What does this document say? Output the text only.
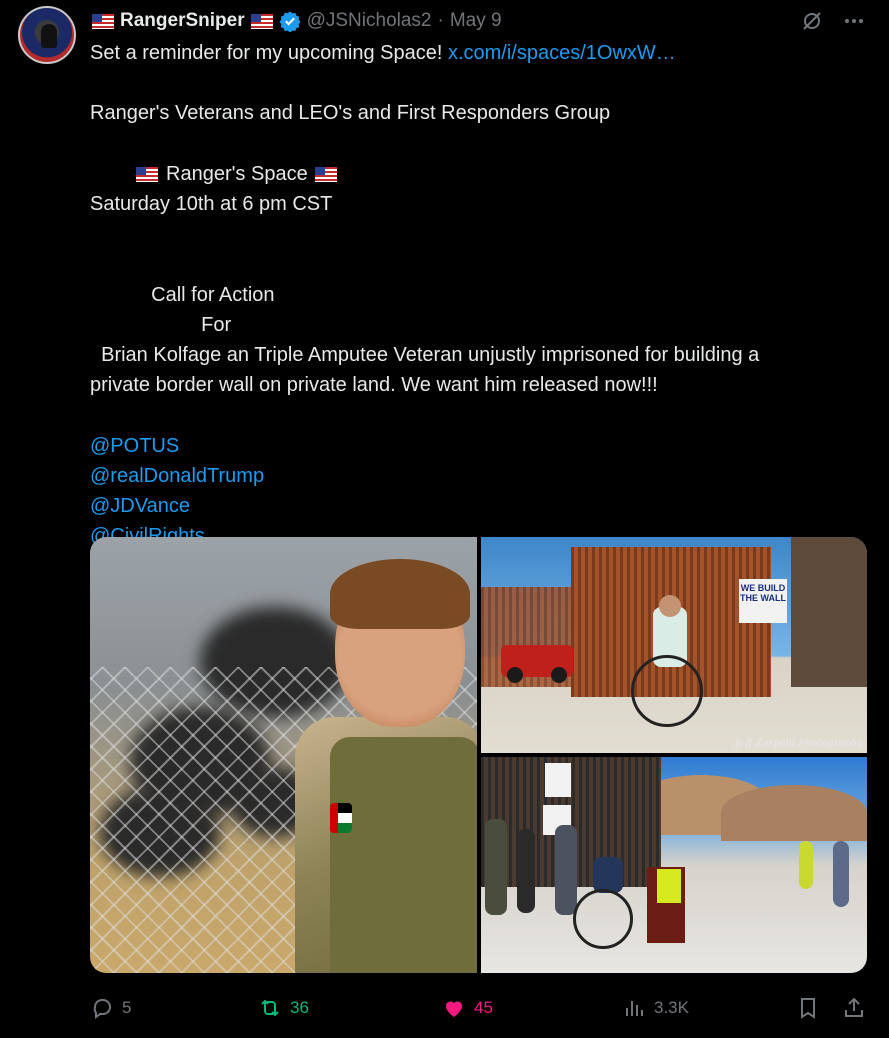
RangerSniper	@JSNicholas2 · May 9
Set a reminder for my upcoming Space! x.com/i/spaces/1OwxW…
Ranger's Veterans and LEO's and First Responders Group
Ranger's Space
Saturday 10th at 6 pm CST
Call for Action
For
Brian Kolfage an Triple Amputee Veteran unjustly imprisoned for building a
private border wall on private land. We want him released now!!!
@POTUS
@realDonaldTrump
@JDVance
WE BUILD THE WALL
Jeff Zarpelli Photography
5	36	45	3.3K
